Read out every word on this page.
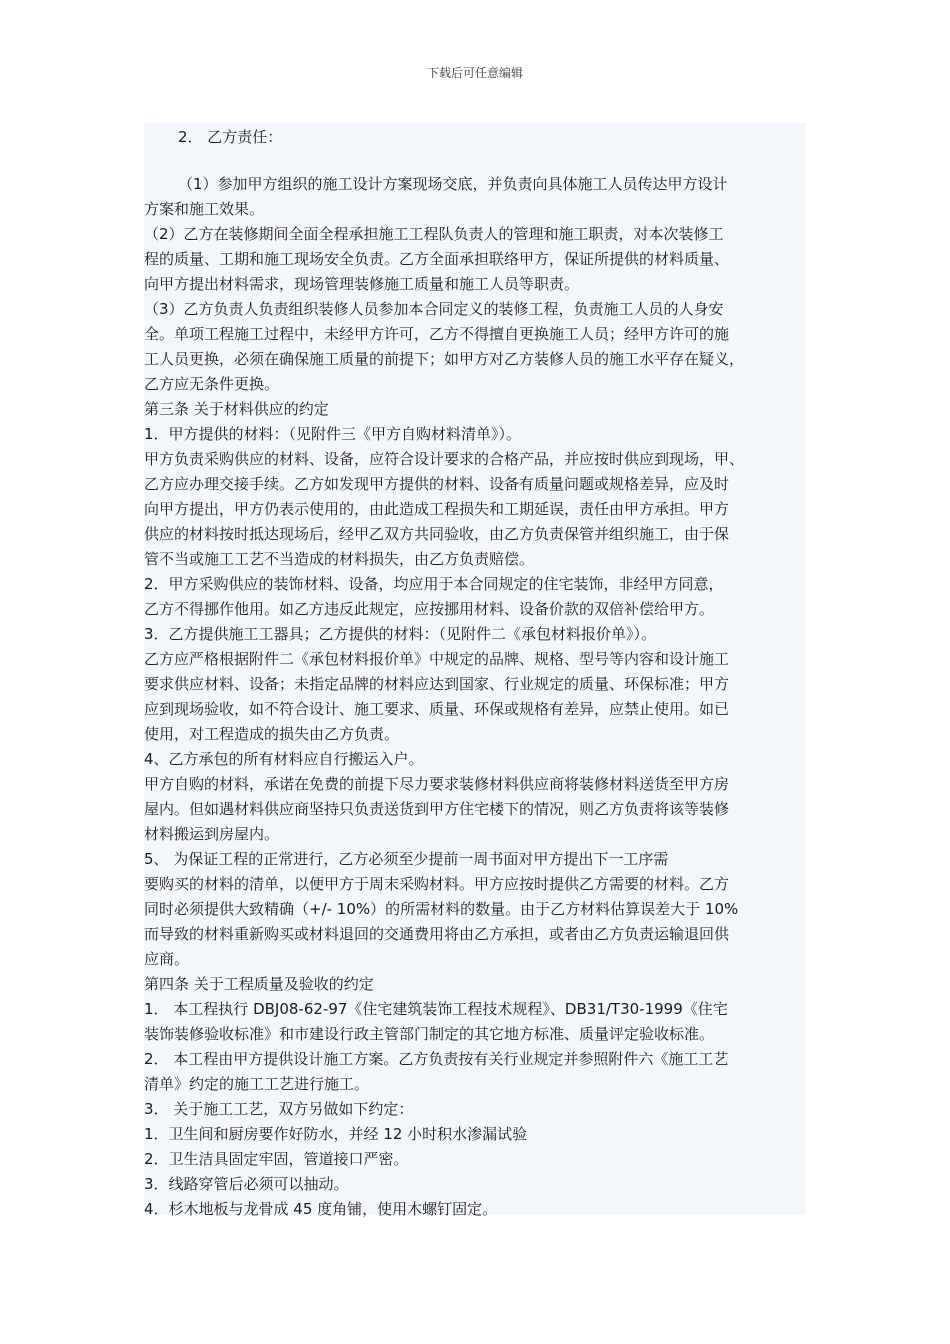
下载后可任意编辑
2． 乙方责任：
（1）参加甲方组织的施工设计方案现场交底，并负责向具体施工人员传达甲方设计
方案和施工效果。
（2）乙方在装修期间全面全程承担施工工程队负责人的管理和施工职责，对本次装修工
程的质量、工期和施工现场安全负责。乙方全面承担联络甲方，保证所提供的材料质量、
向甲方提出材料需求，现场管理装修施工质量和施工人员等职责。
（3）乙方负责人负责组织装修人员参加本合同定义的装修工程，负责施工人员的人身安
全。单项工程施工过程中，未经甲方许可，乙方不得擅自更换施工人员；经甲方许可的施
工人员更换，必须在确保施工质量的前提下；如甲方对乙方装修人员的施工水平存在疑义，
乙方应无条件更换。
第三条 关于材料供应的约定
1．甲方提供的材料：（见附件三《甲方自购材料清单》）。
甲方负责采购供应的材料、设备，应符合设计要求的合格产品，并应按时供应到现场，甲、
乙方应办理交接手续。乙方如发现甲方提供的材料、设备有质量问题或规格差异，应及时
向甲方提出，甲方仍表示使用的，由此造成工程损失和工期延误，责任由甲方承担。甲方
供应的材料按时抵达现场后，经甲乙双方共同验收，由乙方负责保管并组织施工，由于保
管不当或施工工艺不当造成的材料损失，由乙方负责赔偿。
2．甲方采购供应的装饰材料、设备，均应用于本合同规定的住宅装饰，非经甲方同意，
乙方不得挪作他用。如乙方违反此规定，应按挪用材料、设备价款的双倍补偿给甲方。
3．乙方提供施工工器具；乙方提供的材料：（见附件二《承包材料报价单》）。
乙方应严格根据附件二《承包材料报价单》中规定的品牌、规格、型号等内容和设计施工
要求供应材料、设备；未指定品牌的材料应达到国家、行业规定的质量、环保标准；甲方
应到现场验收，如不符合设计、施工要求、质量、环保或规格有差异，应禁止使用。如已
使用，对工程造成的损失由乙方负责。
4、乙方承包的所有材料应自行搬运入户。
甲方自购的材料，承诺在免费的前提下尽力要求装修材料供应商将装修材料送货至甲方房
屋内。但如遇材料供应商坚持只负责送货到甲方住宅楼下的情况，则乙方负责将该等装修
材料搬运到房屋内。
5、 为保证工程的正常进行，乙方必须至少提前一周书面对甲方提出下一工序需
要购买的材料的清单，以便甲方于周末采购材料。甲方应按时提供乙方需要的材料。乙方
同时必须提供大致精确（+/- 10%）的所需材料的数量。由于乙方材料估算误差大于 10%
而导致的材料重新购买或材料退回的交通费用将由乙方承担，或者由乙方负责运输退回供
应商。
第四条 关于工程质量及验收的约定
1． 本工程执行 DBJ08-62-97《住宅建筑装饰工程技术规程》、DB31/T30-1999《住宅
装饰装修验收标准》和市建设行政主管部门制定的其它地方标准、质量评定验收标准。
2． 本工程由甲方提供设计施工方案。乙方负责按有关行业规定并参照附件六《施工工艺
清单》约定的施工工艺进行施工。
3． 关于施工工艺，双方另做如下约定：
1．卫生间和厨房要作好防水，并经 12 小时积水渗漏试验
2．卫生洁具固定牢固，管道接口严密。
3．线路穿管后必须可以抽动。
4．杉木地板与龙骨成 45 度角铺，使用木螺钉固定。
